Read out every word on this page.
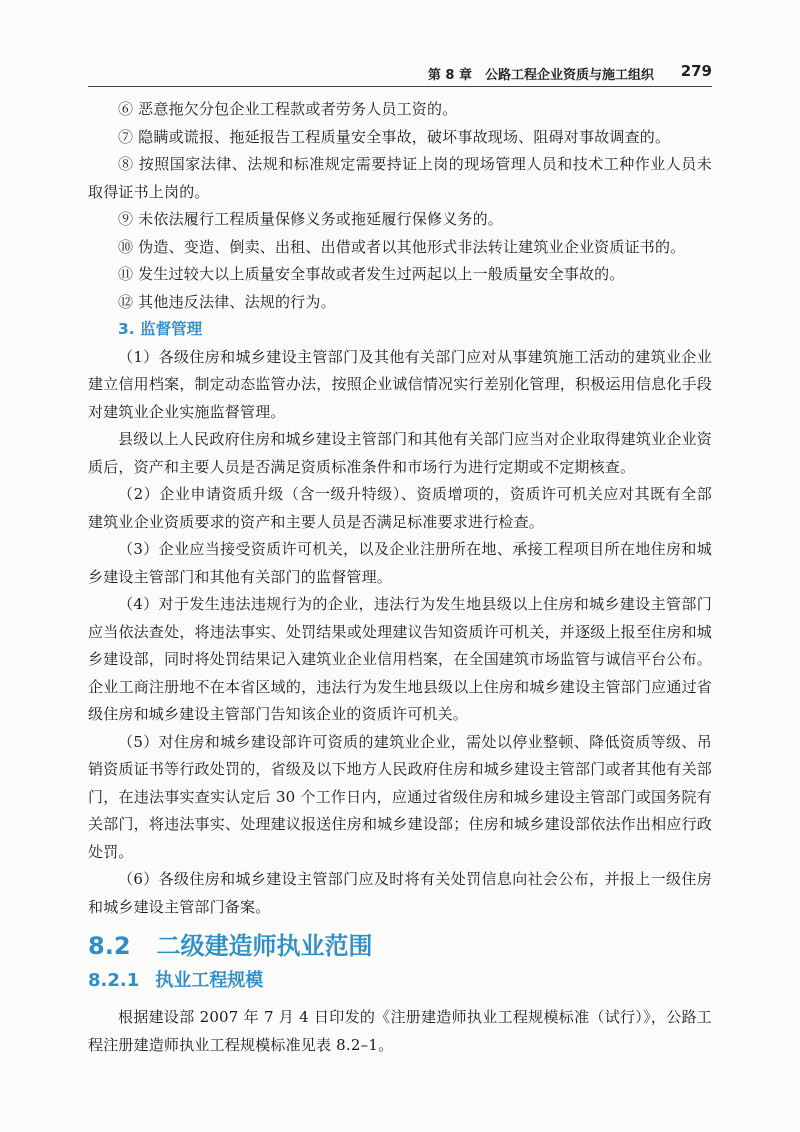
第 8 章　公路工程企业资质与施工组织 279

⑥ 恶意拖欠分包企业工程款或者劳务人员工资的。

⑦ 隐瞒或谎报、拖延报告工程质量安全事故，破坏事故现场、阻碍对事故调查的。

⑧ 按照国家法律、法规和标准规定需要持证上岗的现场管理人员和技术工种作业人员未取得证书上岗的。

⑨ 未依法履行工程质量保修义务或拖延履行保修义务的。

⑩ 伪造、变造、倒卖、出租、出借或者以其他形式非法转让建筑业企业资质证书的。

⑪ 发生过较大以上质量安全事故或者发生过两起以上一般质量安全事故的。

⑫ 其他违反法律、法规的行为。

3. 监督管理

（1）各级住房和城乡建设主管部门及其他有关部门应对从事建筑施工活动的建筑业企业建立信用档案，制定动态监管办法，按照企业诚信情况实行差别化管理，积极运用信息化手段对建筑业企业实施监督管理。

县级以上人民政府住房和城乡建设主管部门和其他有关部门应当对企业取得建筑业企业资质后，资产和主要人员是否满足资质标准条件和市场行为进行定期或不定期核查。

（2）企业申请资质升级（含一级升特级）、资质增项的，资质许可机关应对其既有全部建筑业企业资质要求的资产和主要人员是否满足标准要求进行检查。

（3）企业应当接受资质许可机关，以及企业注册所在地、承接工程项目所在地住房和城乡建设主管部门和其他有关部门的监督管理。

（4）对于发生违法违规行为的企业，违法行为发生地县级以上住房和城乡建设主管部门应当依法查处，将违法事实、处罚结果或处理建议告知资质许可机关，并逐级上报至住房和城乡建设部，同时将处罚结果记入建筑业企业信用档案，在全国建筑市场监管与诚信平台公布。企业工商注册地不在本省区域的，违法行为发生地县级以上住房和城乡建设主管部门应通过省级住房和城乡建设主管部门告知该企业的资质许可机关。

（5）对住房和城乡建设部许可资质的建筑业企业，需处以停业整顿、降低资质等级、吊销资质证书等行政处罚的，省级及以下地方人民政府住房和城乡建设主管部门或者其他有关部门，在违法事实查实认定后 30 个工作日内，应通过省级住房和城乡建设主管部门或国务院有关部门，将违法事实、处理建议报送住房和城乡建设部；住房和城乡建设部依法作出相应行政处罚。

（6）各级住房和城乡建设主管部门应及时将有关处罚信息向社会公布，并报上一级住房和城乡建设主管部门备案。

8.2 二级建造师执业范围
8.2.1 执业工程规模

根据建设部 2007 年 7 月 4 日印发的《注册建造师执业工程规模标准（试行）》，公路工程注册建造师执业工程规模标准见表 8.2–1。
